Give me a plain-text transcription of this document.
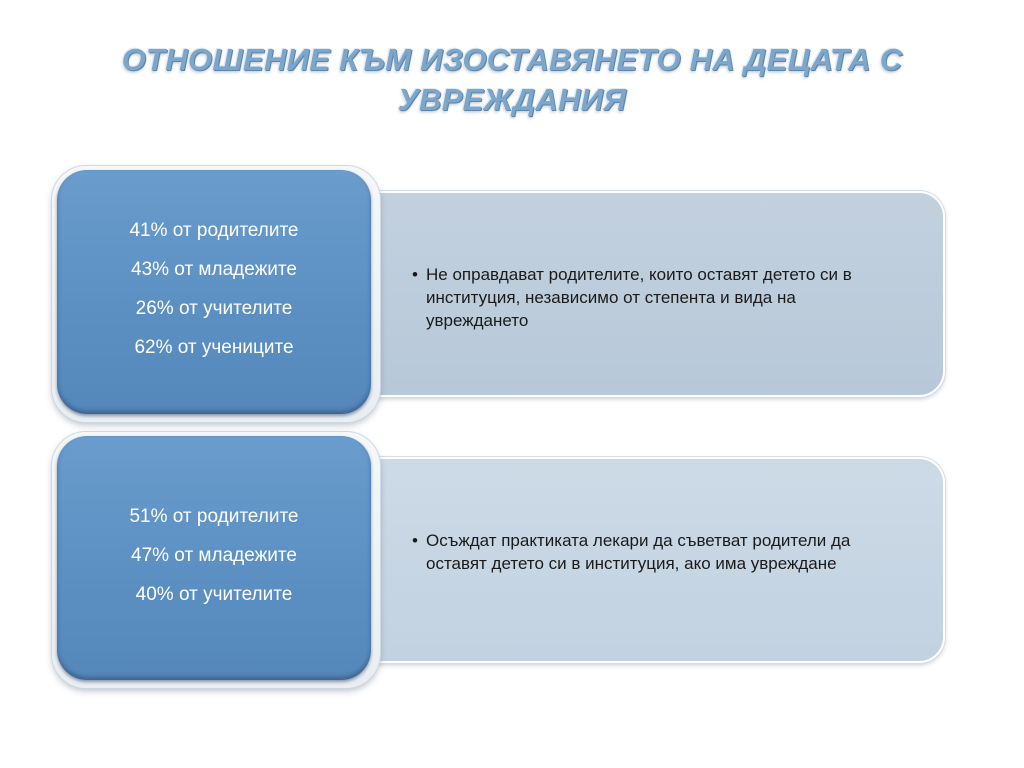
ОТНОШЕНИЕ КЪМ ИЗОСТАВЯНЕТО НА ДЕЦАТА С УВРЕЖДАНИЯ
• Не оправдават родителите, които оставят детето си в институция, независимо от степента и вида на увреждането
41% от родителите
43% от младежите
26% от учителите
62% от учениците
• Осъждат практиката лекари да съветват родители да оставят детето си в институция, ако има увреждане
51% от родителите
47% от младежите
40% от учителите
